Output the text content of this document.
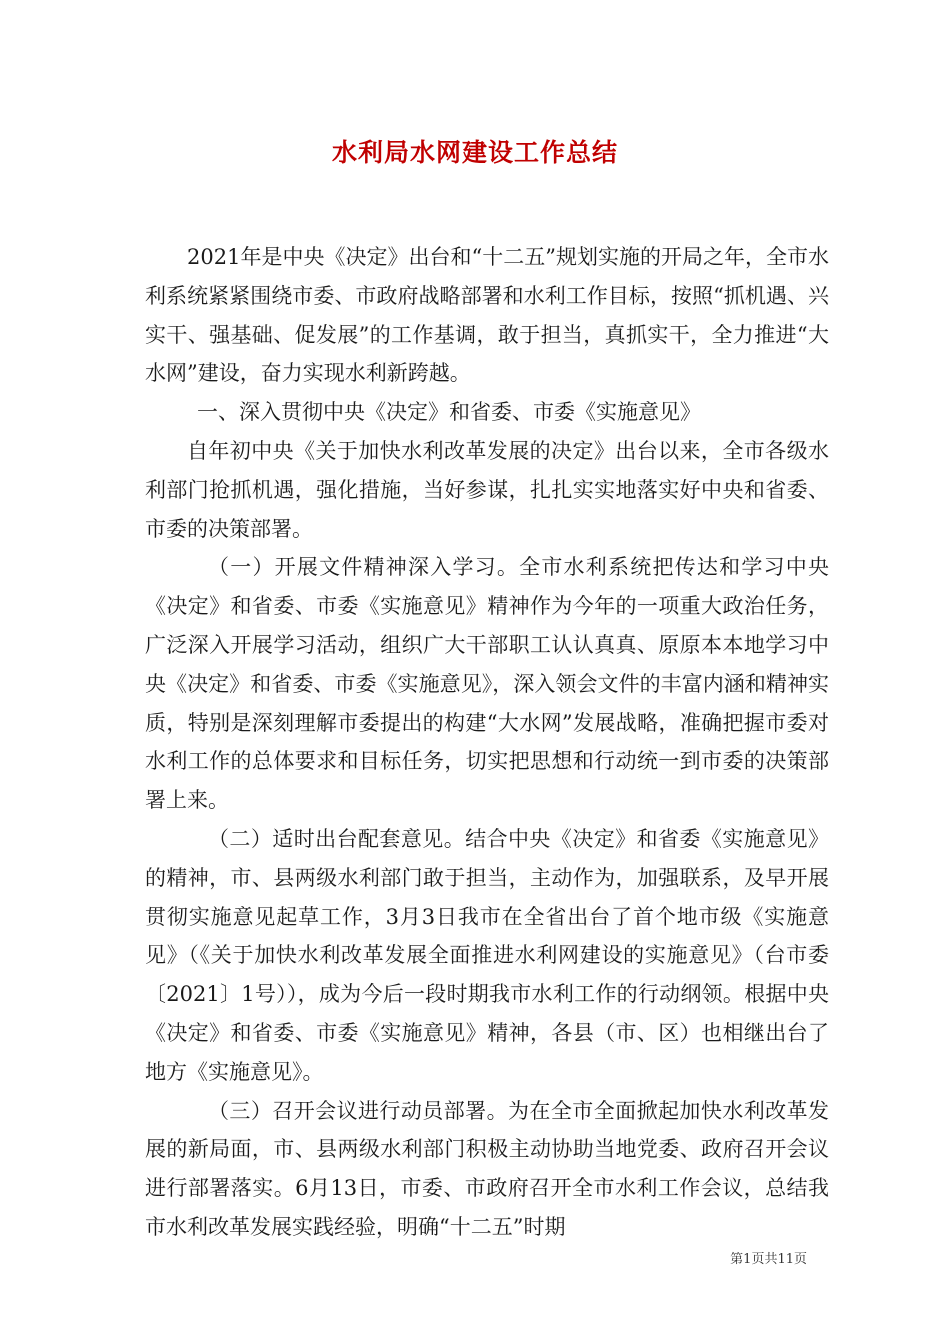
水利局水网建设工作总结

2021年是中央《决定》出台和“十二五”规划实施的开局之年，全市水利系统紧紧围绕市委、市政府战略部署和水利工作目标，按照“抓机遇、兴实干、强基础、促发展”的工作基调，敢于担当，真抓实干，全力推进“大水网”建设，奋力实现水利新跨越。

一、深入贯彻中央《决定》和省委、市委《实施意见》

自年初中央《关于加快水利改革发展的决定》出台以来，全市各级水利部门抢抓机遇，强化措施，当好参谋，扎扎实实地落实好中央和省委、市委的决策部署。

（一）开展文件精神深入学习。全市水利系统把传达和学习中央《决定》和省委、市委《实施意见》精神作为今年的一项重大政治任务，广泛深入开展学习活动，组织广大干部职工认认真真、原原本本地学习中央《决定》和省委、市委《实施意见》，深入领会文件的丰富内涵和精神实质，特别是深刻理解市委提出的构建“大水网”发展战略，准确把握市委对水利工作的总体要求和目标任务，切实把思想和行动统一到市委的决策部署上来。

（二）适时出台配套意见。结合中央《决定》和省委《实施意见》的精神，市、县两级水利部门敢于担当，主动作为，加强联系，及早开展贯彻实施意见起草工作，3月3日我市在全省出台了首个地市级《实施意见》（《关于加快水利改革发展全面推进水利网建设的实施意见》（台市委〔2021〕1号）），成为今后一段时期我市水利工作的行动纲领。根据中央《决定》和省委、市委《实施意见》精神，各县（市、区）也相继出台了地方《实施意见》。

（三）召开会议进行动员部署。为在全市全面掀起加快水利改革发展的新局面，市、县两级水利部门积极主动协助当地党委、政府召开会议进行部署落实。6月13日，市委、市政府召开全市水利工作会议，总结我市水利改革发展实践经验，明确“十二五”时期

第1页共11页
